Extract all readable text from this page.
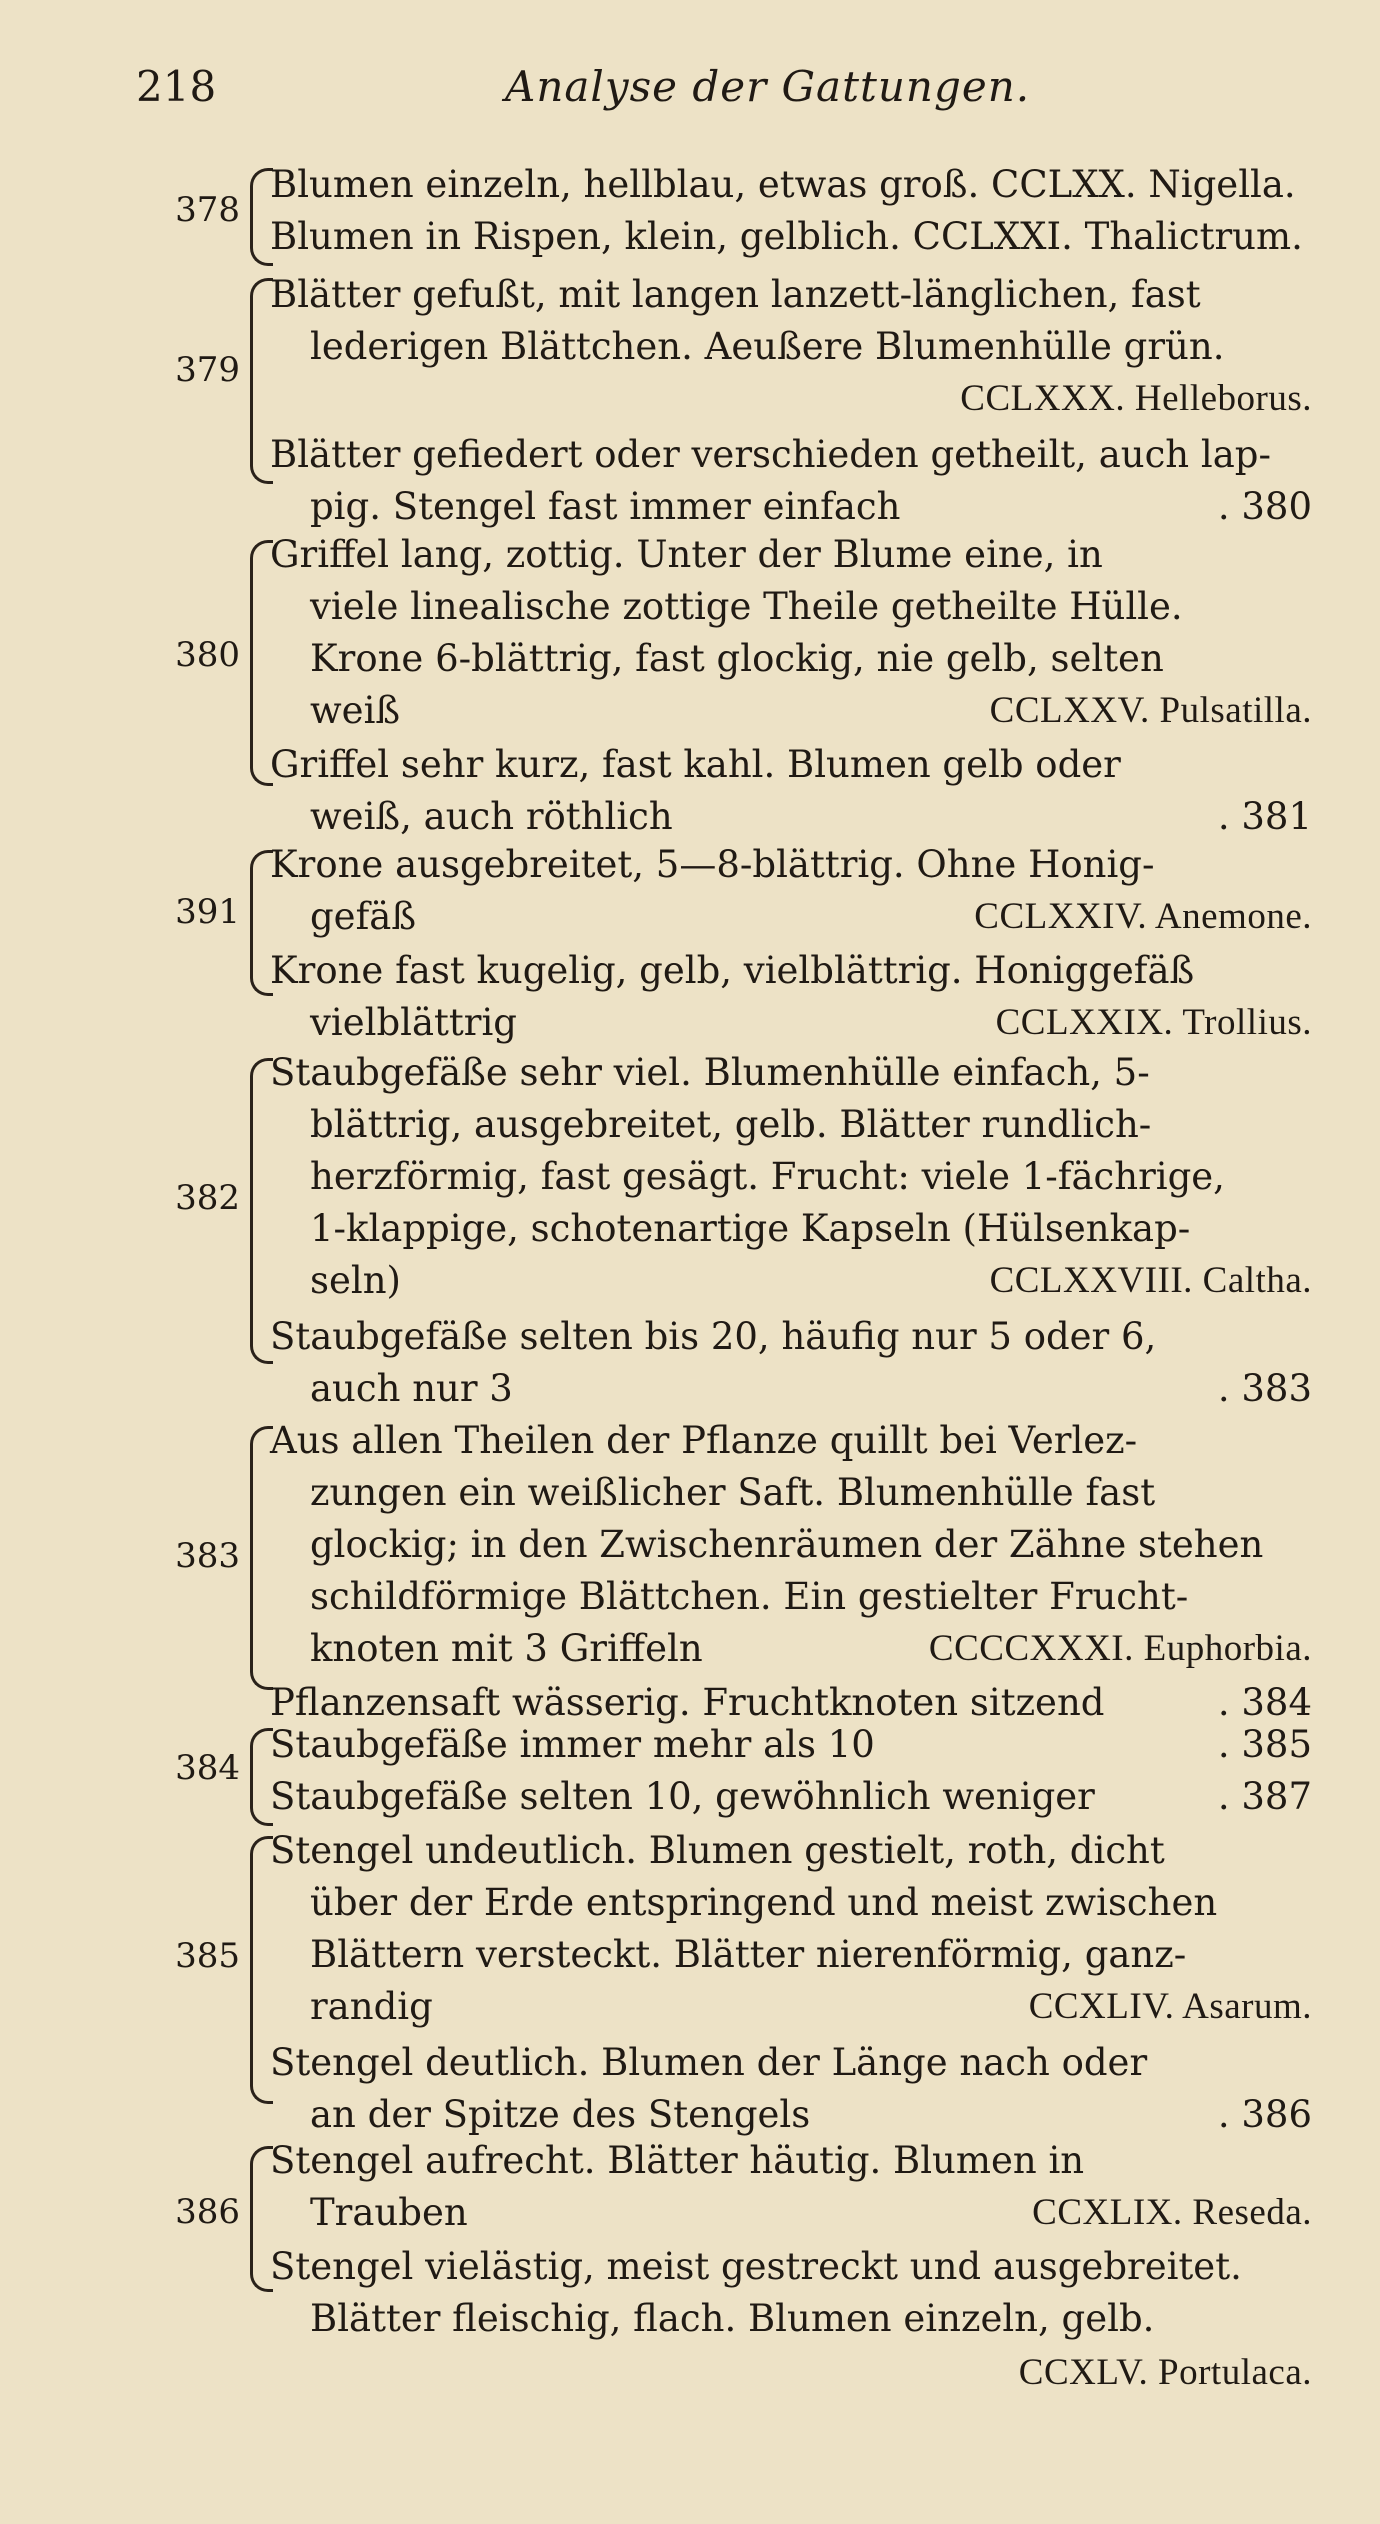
218	Analyse der Gattungen.
378
Blumen einzeln, hellblau, etwas groß. CCLXX. Nigella.
Blumen in Rispen, klein, gelblich. CCLXXI. Thalictrum.
379
Blätter gefußt, mit langen lanzett-länglichen, fast
lederigen Blättchen. Aeußere Blumenhülle grün.
CCLXXX. Helleborus.
Blätter gefiedert oder verschieden getheilt, auch lap-
pig. Stengel fast immer einfach	. 380
380
Griffel lang, zottig. Unter der Blume eine, in
viele linealische zottige Theile getheilte Hülle.
Krone 6-blättrig, fast glockig, nie gelb, selten
weiß	CCLXXV. Pulsatilla.
Griffel sehr kurz, fast kahl. Blumen gelb oder
weiß, auch röthlich	. 381
391
Krone ausgebreitet, 5—8-blättrig. Ohne Honig-
gefäß	CCLXXIV. Anemone.
Krone fast kugelig, gelb, vielblättrig. Honiggefäß
vielblättrig	CCLXXIX. Trollius.
382
Staubgefäße sehr viel. Blumenhülle einfach, 5-
blättrig, ausgebreitet, gelb. Blätter rundlich-
herzförmig, fast gesägt. Frucht: viele 1-fächrige,
1-klappige, schotenartige Kapseln (Hülsenkap-
seln)	CCLXXVIII. Caltha.
Staubgefäße selten bis 20, häufig nur 5 oder 6,
auch nur 3	. 383
383
Aus allen Theilen der Pflanze quillt bei Verlez-
zungen ein weißlicher Saft. Blumenhülle fast
glockig; in den Zwischenräumen der Zähne stehen
schildförmige Blättchen. Ein gestielter Frucht-
knoten mit 3 Griffeln	CCCCXXXI. Euphorbia.
Pflanzensaft wässerig. Fruchtknoten sitzend	. 384
384
Staubgefäße immer mehr als 10	. 385
Staubgefäße selten 10, gewöhnlich weniger	. 387
385
Stengel undeutlich. Blumen gestielt, roth, dicht
über der Erde entspringend und meist zwischen
Blättern versteckt. Blätter nierenförmig, ganz-
randig	CCXLIV. Asarum.
Stengel deutlich. Blumen der Länge nach oder
an der Spitze des Stengels	. 386
386
Stengel aufrecht. Blätter häutig. Blumen in
Trauben	CCXLIX. Reseda.
Stengel vielästig, meist gestreckt und ausgebreitet.
Blätter fleischig, flach. Blumen einzeln, gelb.
CCXLV. Portulaca.
